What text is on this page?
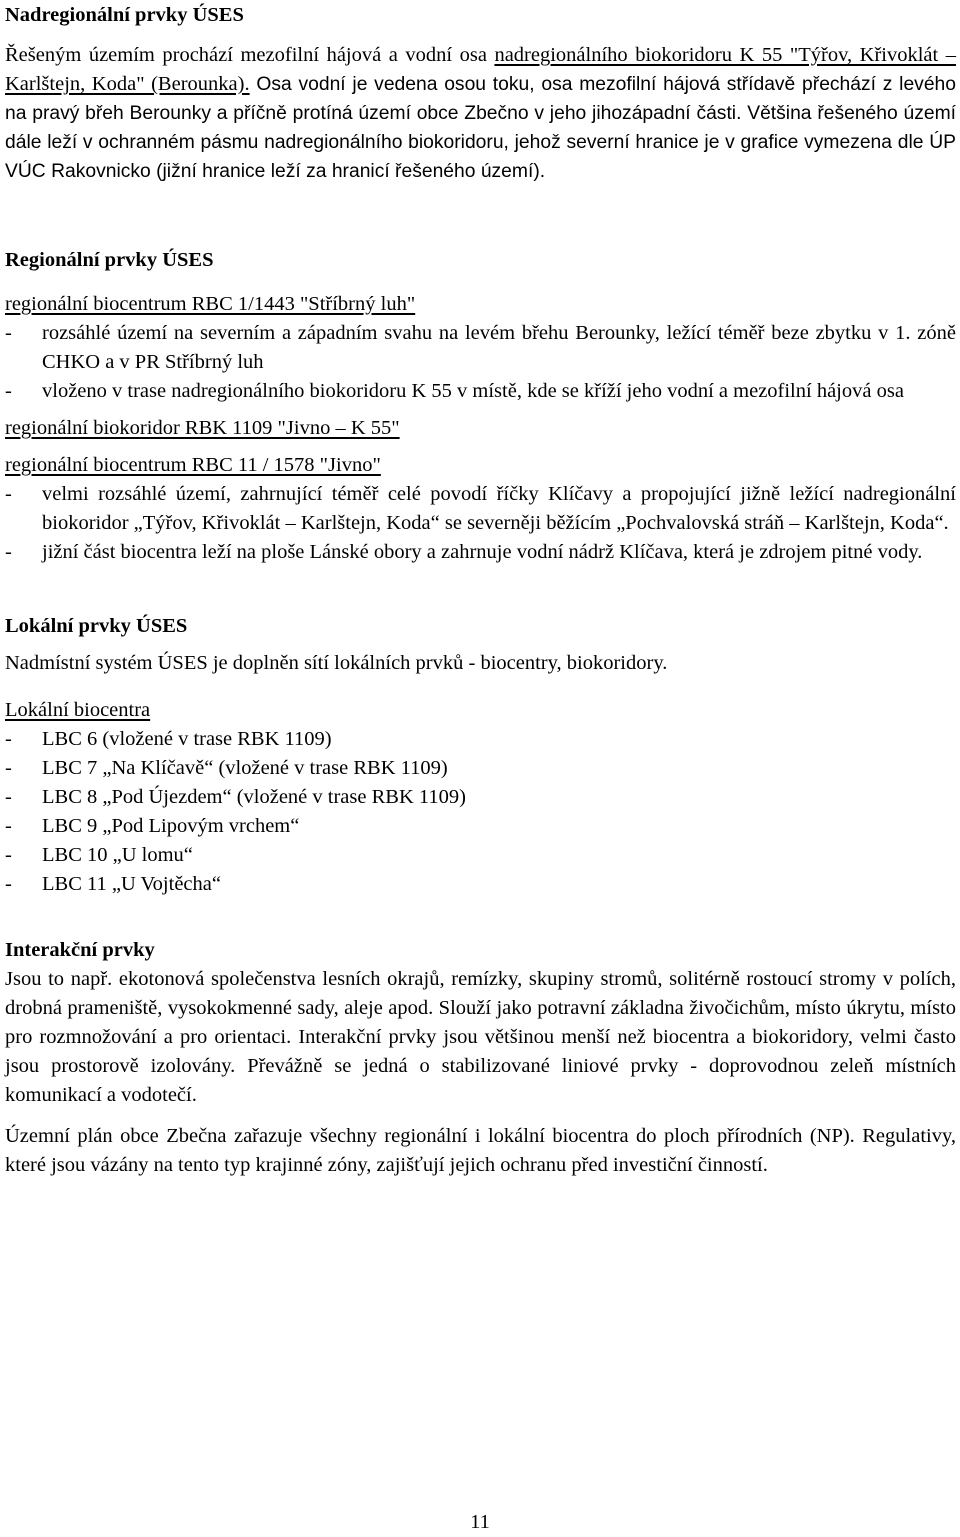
Nadregionální prvky ÚSES

Řešeným územím prochází mezofilní hájová a vodní osa nadregionálního biokoridoru K 55 "Týřov, Křivoklát – Karlštejn, Koda" (Berounka). Osa vodní je vedena osou toku, osa mezofilní hájová střídavě přechází z levého na pravý břeh Berounky a příčně protíná území obce Zbečno v jeho jihozápadní části. Většina řešeného území dále leží v ochranném pásmu nadregionálního biokoridoru, jehož severní hranice je v grafice vymezena dle ÚP VÚC Rakovnicko (jižní hranice leží za hranicí řešeného území).

Regionální prvky ÚSES
regionální biocentrum RBC 1/1443 "Stříbrný luh"

- rozsáhlé území na severním a západním svahu na levém břehu Berounky, ležící téměř beze zbytku v 1. zóně CHKO a v PR Stříbrný luh

- vloženo v trase nadregionálního biokoridoru K 55 v místě, kde se kříží jeho vodní a mezofilní hájová osa

regionální biokoridor RBK 1109 "Jivno – K 55"
regionální biocentrum RBC 11 / 1578 "Jivno"

- velmi rozsáhlé území, zahrnující téměř celé povodí říčky Klíčavy a propojující jižně ležící nadregionální biokoridor „Týřov, Křivoklát – Karlštejn, Koda“ se severněji běžícím „Pochvalovská stráň – Karlštejn, Koda“.

- jižní část biocentra leží na ploše Lánské obory a zahrnuje vodní nádrž Klíčava, která je zdrojem pitné vody.

Lokální prvky ÚSES

Nadmístní systém ÚSES je doplněn sítí lokálních prvků - biocentry, biokoridory.

Lokální biocentra
- LBC 6 (vložené v trase RBK 1109)
- LBC 7 „Na Klíčavě“ (vložené v trase RBK 1109)
- LBC 8 „Pod Újezdem“ (vložené v trase RBK 1109)
- LBC 9 „Pod Lipovým vrchem“
- LBC 10 „U lomu“
- LBC 11 „U Vojtěcha“
Interakční prvky

Jsou to např. ekotonová společenstva lesních okrajů, remízky, skupiny stromů, solitérně rostoucí stromy v polích, drobná prameniště, vysokokmenné sady, aleje apod. Slouží jako potravní základna živočichům, místo úkrytu, místo pro rozmnožování a pro orientaci. Interakční prvky jsou většinou menší než biocentra a biokoridory, velmi často jsou prostorově izolovány. Převážně se jedná o stabilizované liniové prvky - doprovodnou zeleň místních komunikací a vodotečí.

Územní plán obce Zbečna zařazuje všechny regionální i lokální biocentra do ploch přírodních (NP). Regulativy, které jsou vázány na tento typ krajinné zóny, zajišťují jejich ochranu před investiční činností.

11
